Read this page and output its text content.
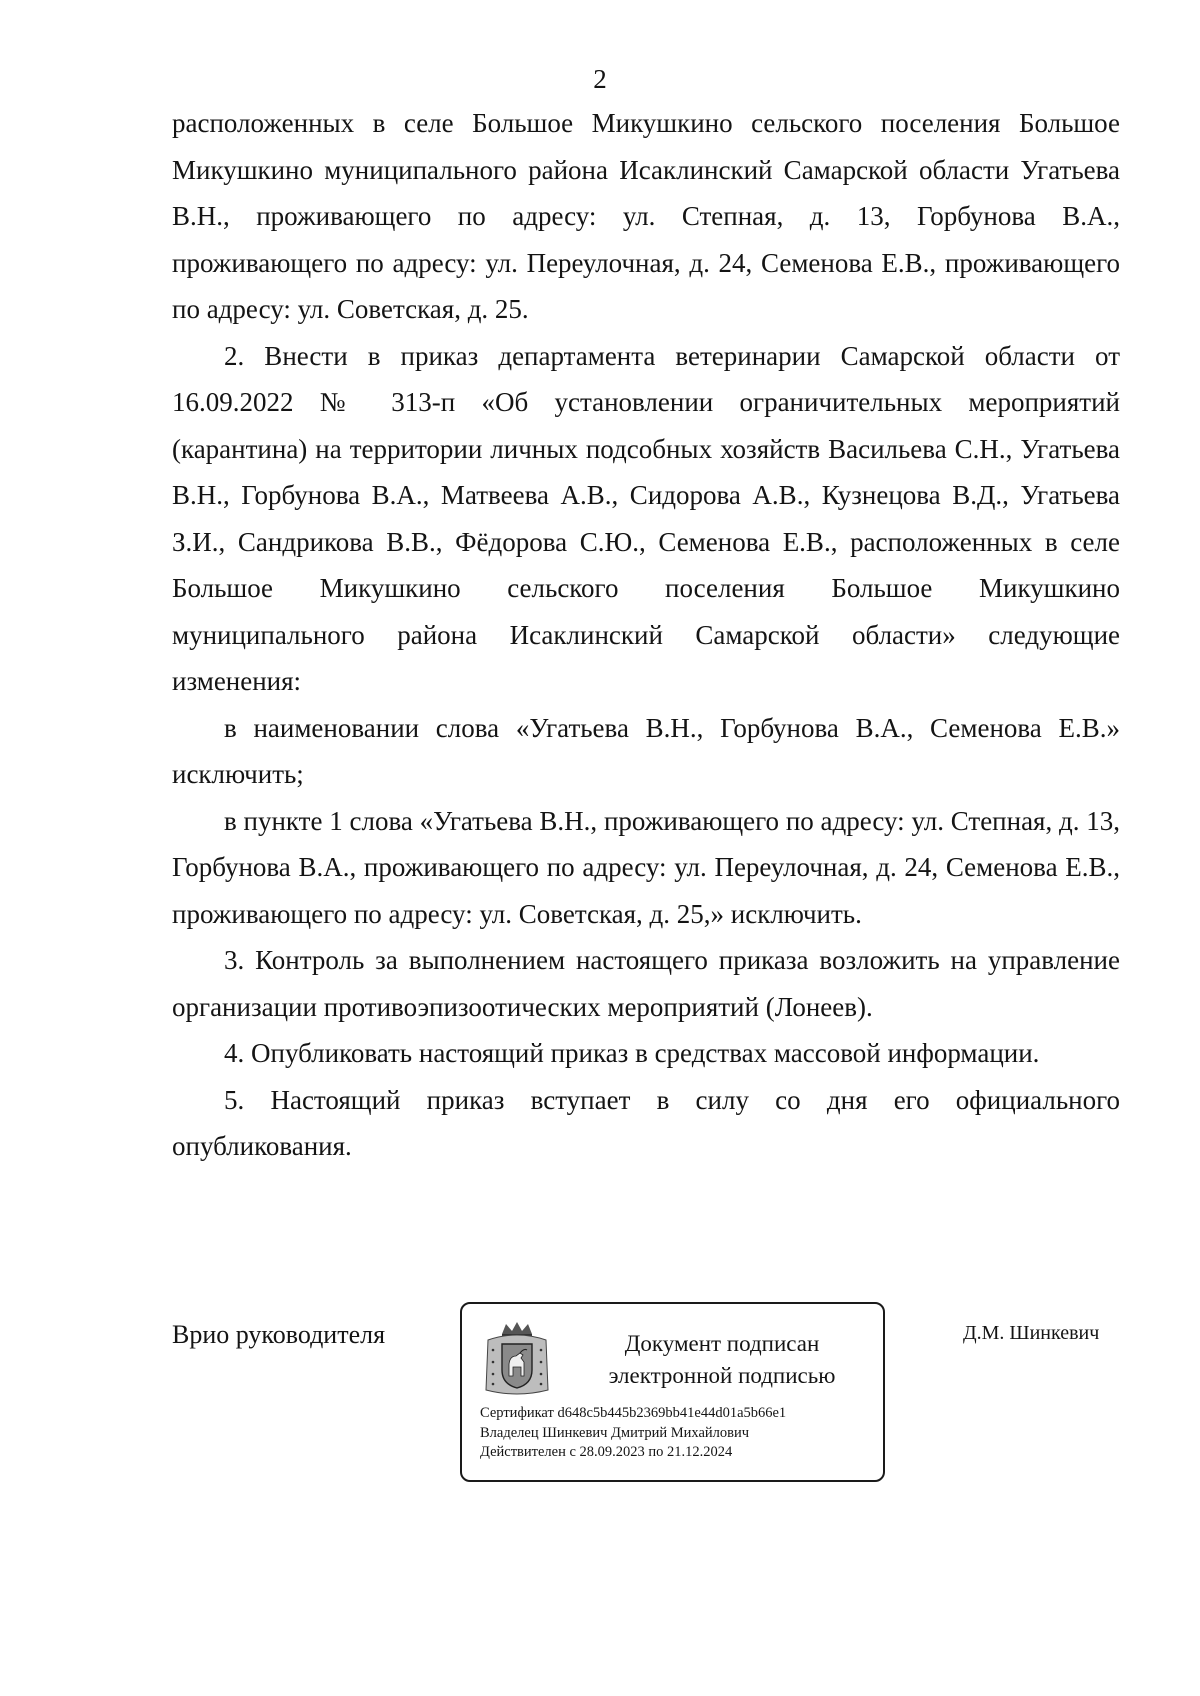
2

расположенных в селе Большое Микушкино сельского поселения Большое Микушкино муниципального района Исаклинский Самарской области Угатьева В.Н., проживающего по адресу: ул. Степная, д. 13, Горбунова В.А., проживающего по адресу: ул. Переулочная, д. 24, Семенова Е.В., проживающего по адресу: ул. Советская, д. 25.

2. Внести в приказ департамента ветеринарии Самарской области от 16.09.2022 № 313-п «Об установлении ограничительных мероприятий (карантина) на территории личных подсобных хозяйств Васильева С.Н., Угатьева В.Н., Горбунова В.А., Матвеева А.В., Сидорова А.В., Кузнецова В.Д., Угатьева З.И., Сандрикова В.В., Фёдорова С.Ю., Семенова Е.В., расположенных в селе Большое Микушкино сельского поселения Большое Микушкино муниципального района Исаклинский Самарской области» следующие изменения:

в наименовании слова «Угатьева В.Н., Горбунова В.А., Семенова Е.В.» исключить;

в пункте 1 слова «Угатьева В.Н., проживающего по адресу: ул. Степная, д. 13, Горбунова В.А., проживающего по адресу: ул. Переулочная, д. 24, Семенова Е.В., проживающего по адресу: ул. Советская, д. 25,» исключить.

3. Контроль за выполнением настоящего приказа возложить на управление организации противоэпизоотических мероприятий (Лонеев).

4. Опубликовать настоящий приказ в средствах массовой информации.

5. Настоящий приказ вступает в силу со дня его официального опубликования.

Врио руководителя	Документ подписан
электронной подписью
Сертификат d648c5b445b2369bb41e44d01a5b66e1
Владелец Шинкевич Дмитрий Михайлович
Действителен с 28.09.2023 по 21.12.2024
Д.М. Шинкевич
